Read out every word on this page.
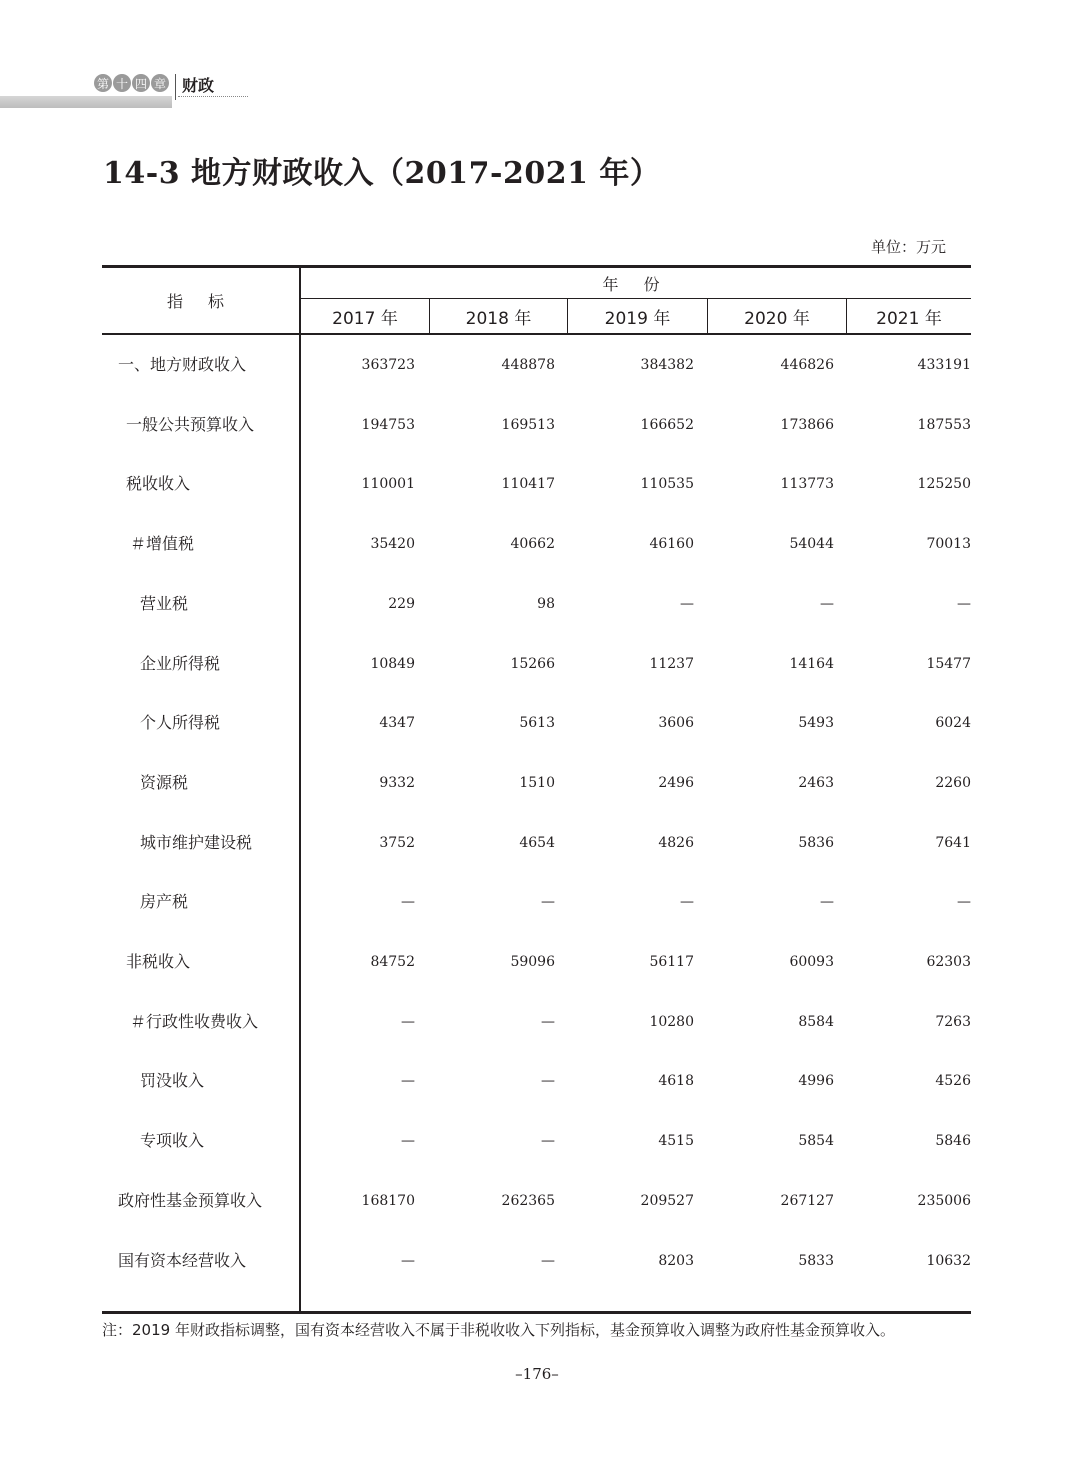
第 十 四 章 财政
14-3 地方财政收入（2017-2021 年）
单位：万元
指 标
年 份
2017 年	2018 年	2019 年	2020 年	2021 年
一、地方财政收入	363723	448878	384382	446826	433191
一般公共预算收入	194753	169513	166652	173866	187553
税收收入	110001	110417	110535	113773	125250
＃增值税	35420	40662	46160	54044	70013
营业税	229	98	—	—	—
企业所得税	10849	15266	11237	14164	15477
个人所得税	4347	5613	3606	5493	6024
资源税	9332	1510	2496	2463	2260
城市维护建设税	3752	4654	4826	5836	7641
房产税	—	—	—	—	—
非税收入	84752	59096	56117	60093	62303
＃行政性收费收入	—	—	10280	8584	7263
罚没收入	—	—	4618	4996	4526
专项收入	—	—	4515	5854	5846
政府性基金预算收入	168170	262365	209527	267127	235006
国有资本经营收入	—	—	8203	5833	10632
注：2019 年财政指标调整，国有资本经营收入不属于非税收收入下列指标，基金预算收入调整为政府性基金预算收入。
–176–
